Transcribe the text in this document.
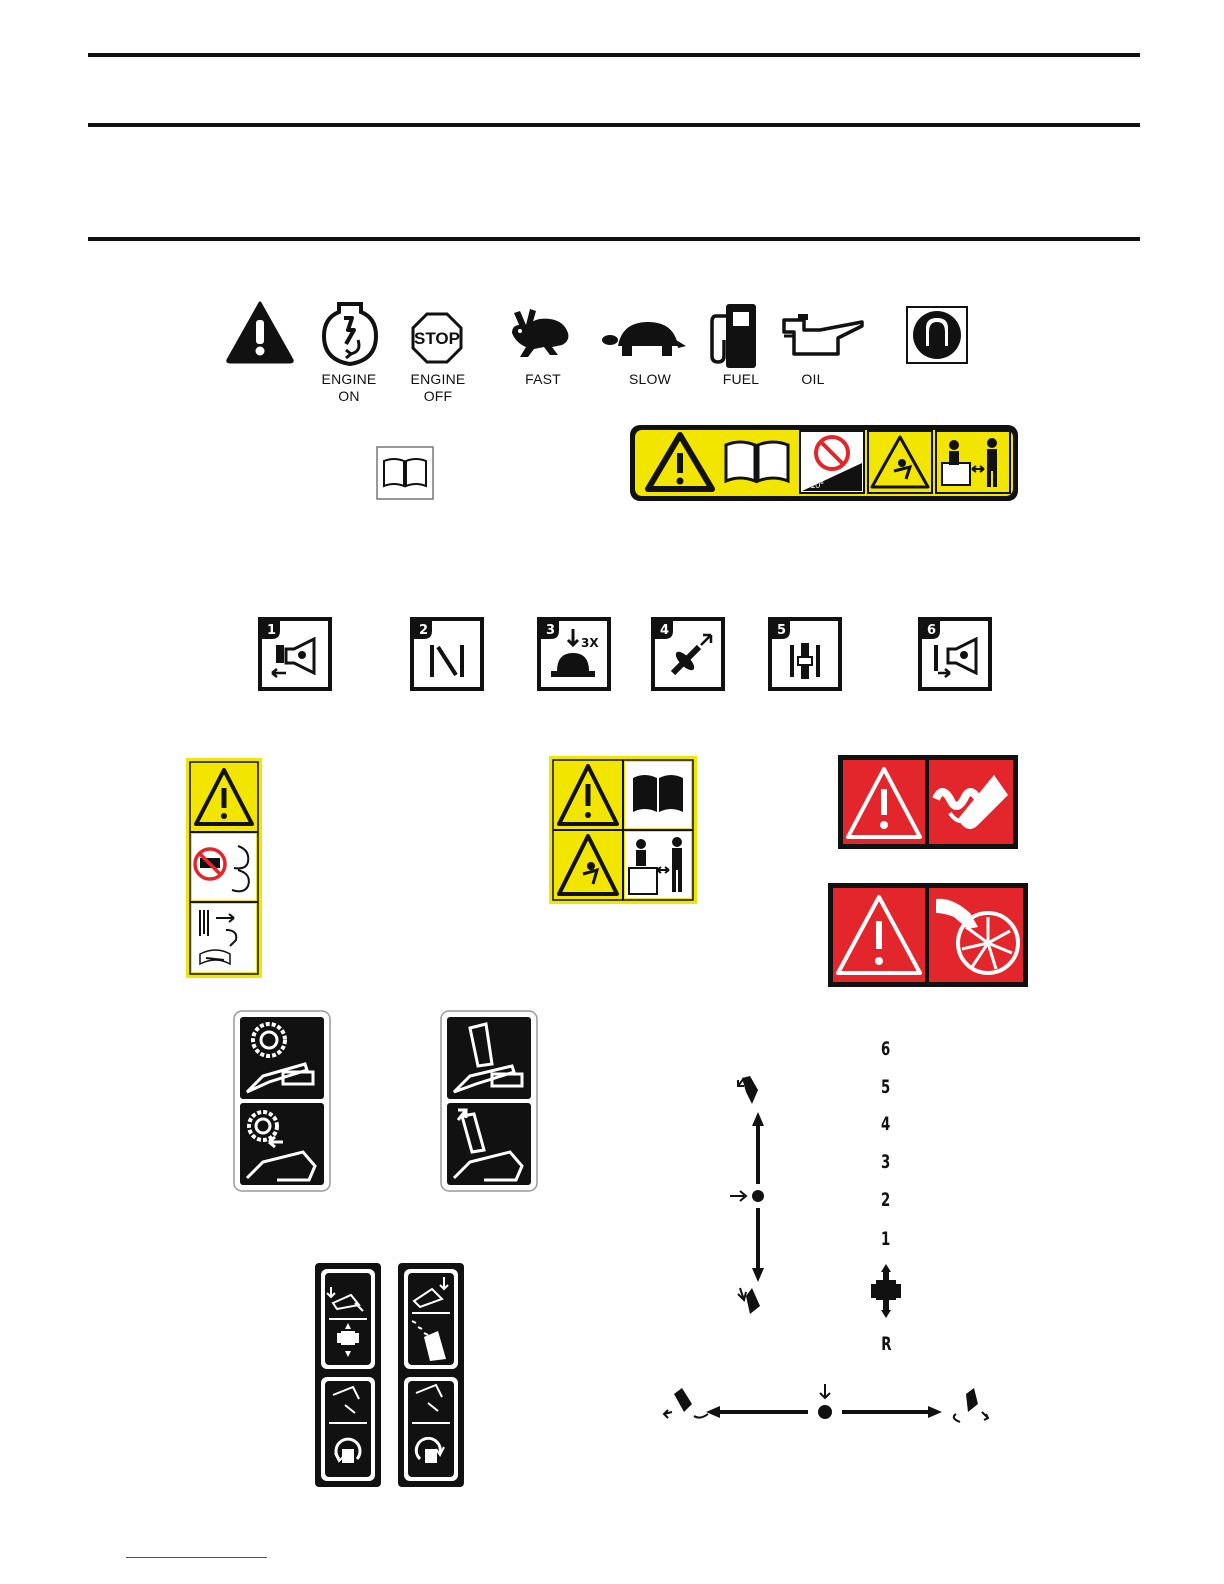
ENGINE
ON
STOP
ENGINE
OFF
FAST	SLOW	FUEL	OIL
>10°
1	2	3
3X
4	5	6
6
5
4
3
2
1
R
